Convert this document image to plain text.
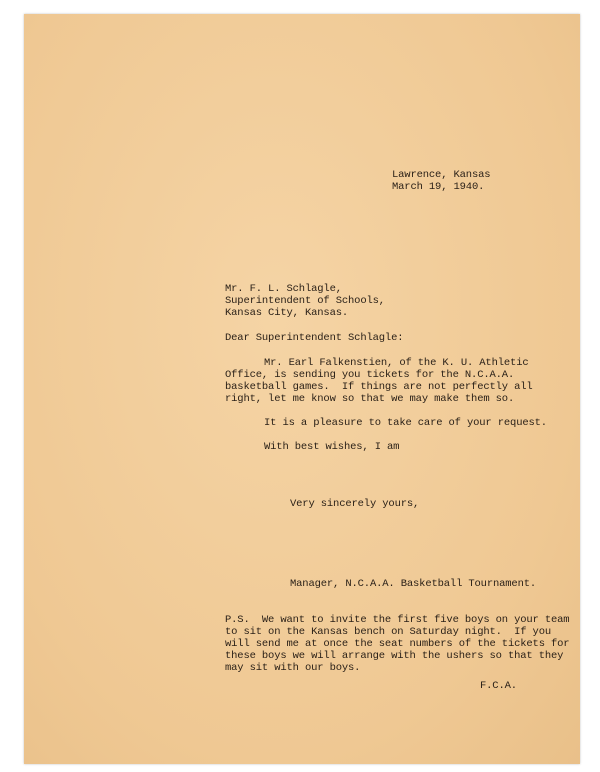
Lawrence, Kansas
March 19, 1940.
Mr. F. L. Schlagle,
Superintendent of Schools,
Kansas City, Kansas.
Dear Superintendent Schlagle:
Mr. Earl Falkenstien, of the K. U. Athletic
Office, is sending you tickets for the N.C.A.A.
basketball games.  If things are not perfectly all
right, let me know so that we may make them so.
It is a pleasure to take care of your request.
With best wishes, I am
Very sincerely yours,
Manager, N.C.A.A. Basketball Tournament.
P.S.  We want to invite the first five boys on your team
to sit on the Kansas bench on Saturday night.  If you
will send me at once the seat numbers of the tickets for
these boys we will arrange with the ushers so that they
may sit with our boys.
F.C.A.
